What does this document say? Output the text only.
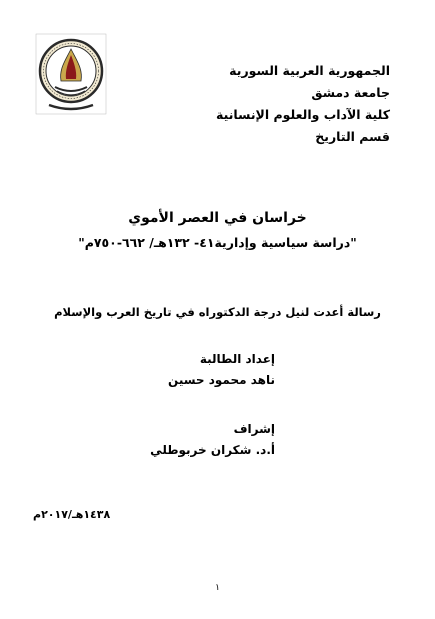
الجمهورية العربية السورية
جامعة دمشق
كلية الآداب والعلوم الإنسانية
قسم التاريخ
خراسان في العصر الأموي
"دراسة سياسية وإدارية٤١- ١٣٢هـ/ ٦٦٢-٧٥٠م"
رسالة أعدت لنيل درجة الدكتوراه في تاريخ العرب والإسلام
إعداد الطالبة
ناهد محمود حسين
إشراف
أ.د. شكران خربوطلي
١٤٣٨هـ/٢٠١٧م
١
